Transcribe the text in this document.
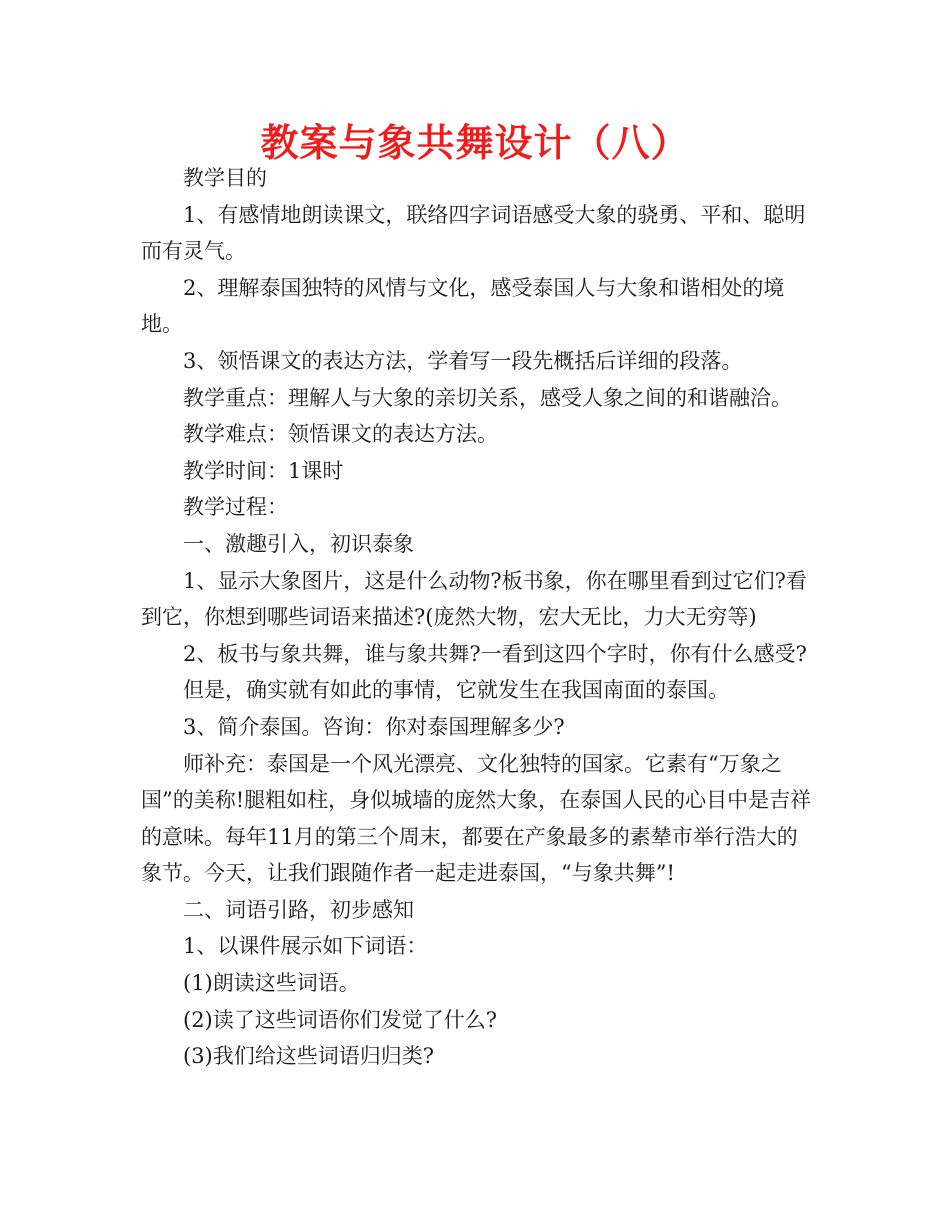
教案与象共舞设计（八）

教学目的

1、有感情地朗读课文，联络四字词语感受大象的骁勇、平和、聪明而有灵气。

2、理解泰国独特的风情与文化，感受泰国人与大象和谐相处的境地。

3、领悟课文的表达方法，学着写一段先概括后详细的段落。

教学重点：理解人与大象的亲切关系，感受人象之间的和谐融洽。

教学难点：领悟课文的表达方法。

教学时间：1课时

教学过程：

一、激趣引入，初识泰象

1、显示大象图片，这是什么动物?板书象，你在哪里看到过它们?看到它，你想到哪些词语来描述?(庞然大物，宏大无比，力大无穷等)

2、板书与象共舞，谁与象共舞?一看到这四个字时，你有什么感受?

但是，确实就有如此的事情，它就发生在我国南面的泰国。

3、简介泰国。咨询：你对泰国理解多少?

师补充：泰国是一个风光漂亮、文化独特的国家。它素有“万象之国”的美称!腿粗如柱，身似城墙的庞然大象，在泰国人民的心目中是吉祥的意味。每年11月的第三个周末，都要在产象最多的素辇市举行浩大的象节。今天，让我们跟随作者一起走进泰国，“与象共舞”!

二、词语引路，初步感知

1、以课件展示如下词语：

(1)朗读这些词语。

(2)读了这些词语你们发觉了什么?

(3)我们给这些词语归归类?
